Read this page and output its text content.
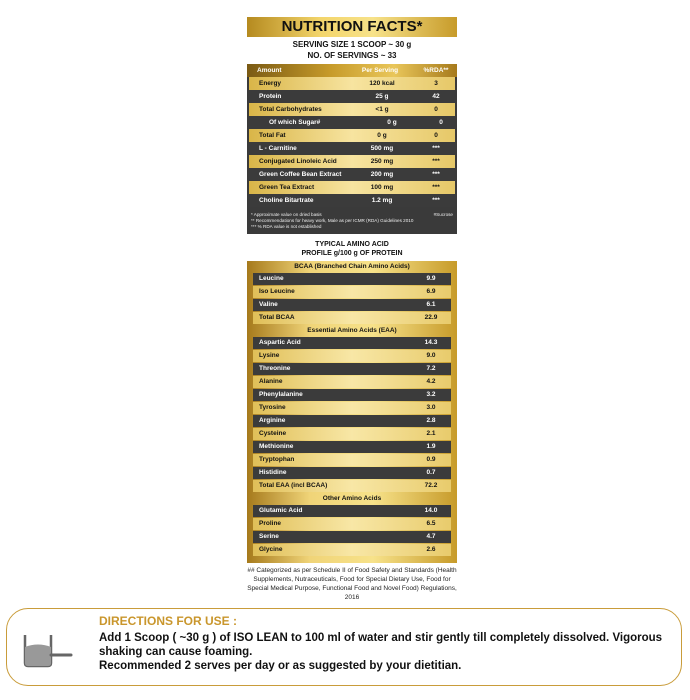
NUTRITION FACTS*
SERVING SIZE 1 SCOOP ~ 30 g
NO. OF SERVINGS ~ 33
Amount	Per Serving	%RDA**
Energy	120 kcal	3
Protein	25 g	42
Total Carbohydrates	<1 g	0
Of which Sugar#	0 g	0
Total Fat	0 g	0
L - Carnitine	500 mg	***
Conjugated Linoleic Acid	250 mg	***
Green Coffee Bean Extract	200 mg	***
Green Tea Extract	100 mg	***
Choline Bitartrate	1.2 mg	***
* Approximate value on dried basis	#Sucrose
** Recommendations for heavy work, Male as per ICMR (RDA) Guidelines 2010
*** % RDA value is not established
TYPICAL AMINO ACID
PROFILE g/100 g OF PROTEIN
BCAA (Branched Chain Amino Acids)
Leucine	9.9
Iso Leucine	6.9
Valine	6.1
Total BCAA	22.9
Essential Amino Acids (EAA)
Aspartic Acid	14.3
Lysine	9.0
Threonine	7.2
Alanine	4.2
Phenylalanine	3.2
Tyrosine	3.0
Arginine	2.8
Cysteine	2.1
Methionine	1.9
Tryptophan	0.9
Histidine	0.7
Total EAA (incl BCAA)	72.2
Other Amino Acids
Glutamic Acid	14.0
Proline	6.5
Serine	4.7
Glycine	2.6
## Categorized as per Schedule II of Food Safety and Standards (Health Supplements, Nutraceuticals, Food for Special Dietary Use, Food for Special Medical Purpose, Functional Food and Novel Food) Regulations, 2016
DIRECTIONS FOR USE :
Add 1 Scoop ( ~30 g ) of ISO LEAN to 100 ml of water and stir gently till completely dissolved. Vigorous shaking can cause foaming.
Recommended 2 serves per day or as suggested by your dietitian.
